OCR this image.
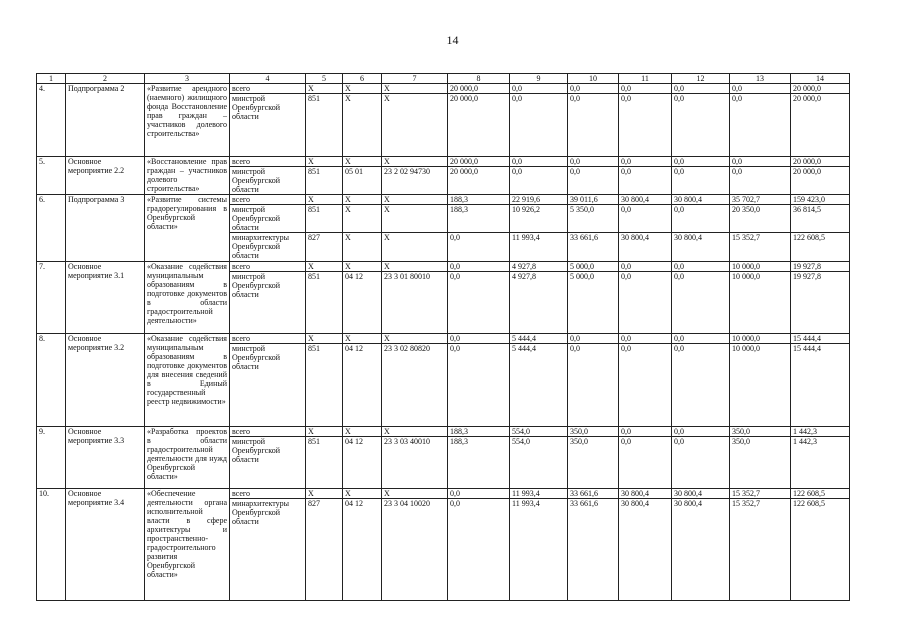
14
1	2	3	4	5	6	7	8	9	10	11	12	13	14
4.	Подпрограмма 2	«Развитие арендного (наемного) жилищного фонда Восстановление прав граждан – участников долевого строительства»	всего	X	X	X	20 000,0	0,0	0,0	0,0	0,0	0,0	20 000,0
			минстрой Оренбургской области	851	X	X	20 000,0	0,0	0,0	0,0	0,0	0,0	20 000,0
5.	Основное мероприятие 2.2	«Восстановление прав граждан – участников долевого строительства»	всего	X	X	X	20 000,0	0,0	0,0	0,0	0,0	0,0	20 000,0
			минстрой Оренбургской области	851	05 01	23 2 02 94730	20 000,0	0,0	0,0	0,0	0,0	0,0	20 000,0
6.	Подпрограмма 3	«Развитие системы градорегулирования в Оренбургской области»	всего	X	X	X	188,3	22 919,6	39 011,6	30 800,4	30 800,4	35 702,7	159 423,0
			минстрой Оренбургской области	851	X	X	188,3	10 926,2	5 350,0	0,0	0,0	20 350,0	36 814,5
			минархитектуры Оренбургской области	827	X	X	0,0	11 993,4	33 661,6	30 800,4	30 800,4	15 352,7	122 608,5
7.	Основное мероприятие 3.1	«Оказание содействия муниципальным образованиям в подготовке документов в области градостроительной деятельности»	всего	X	X	X	0,0	4 927,8	5 000,0	0,0	0,0	10 000,0	19 927,8
			минстрой Оренбургской области	851	04 12	23 3 01 80010	0,0	4 927,8	5 000,0	0,0	0,0	10 000,0	19 927,8
8.	Основное мероприятие 3.2	«Оказание содействия муниципальным образованиям в подготовке документов для внесения сведений в Единый государственный реестр недвижимости»	всего	X	X	X	0,0	5 444,4	0,0	0,0	0,0	10 000,0	15 444,4
			минстрой Оренбургской области	851	04 12	23 3 02 80820	0,0	5 444,4	0,0	0,0	0,0	10 000,0	15 444,4
9.	Основное мероприятие 3.3	«Разработка проектов в области градостроительной деятельности для нужд Оренбургской области»	всего	X	X	X	188,3	554,0	350,0	0,0	0,0	350,0	1 442,3
			минстрой Оренбургской области	851	04 12	23 3 03 40010	188,3	554,0	350,0	0,0	0,0	350,0	1 442,3
10.	Основное мероприятие 3.4	«Обеспечение деятельности органа исполнительной власти в сфере архитектуры и пространственно-градостроительного развития Оренбургской области»	всего	X	X	X	0,0	11 993,4	33 661,6	30 800,4	30 800,4	15 352,7	122 608,5
			минархитектуры Оренбургской области	827	04 12	23 3 04 10020	0,0	11 993,4	33 661,6	30 800,4	30 800,4	15 352,7	122 608,5
